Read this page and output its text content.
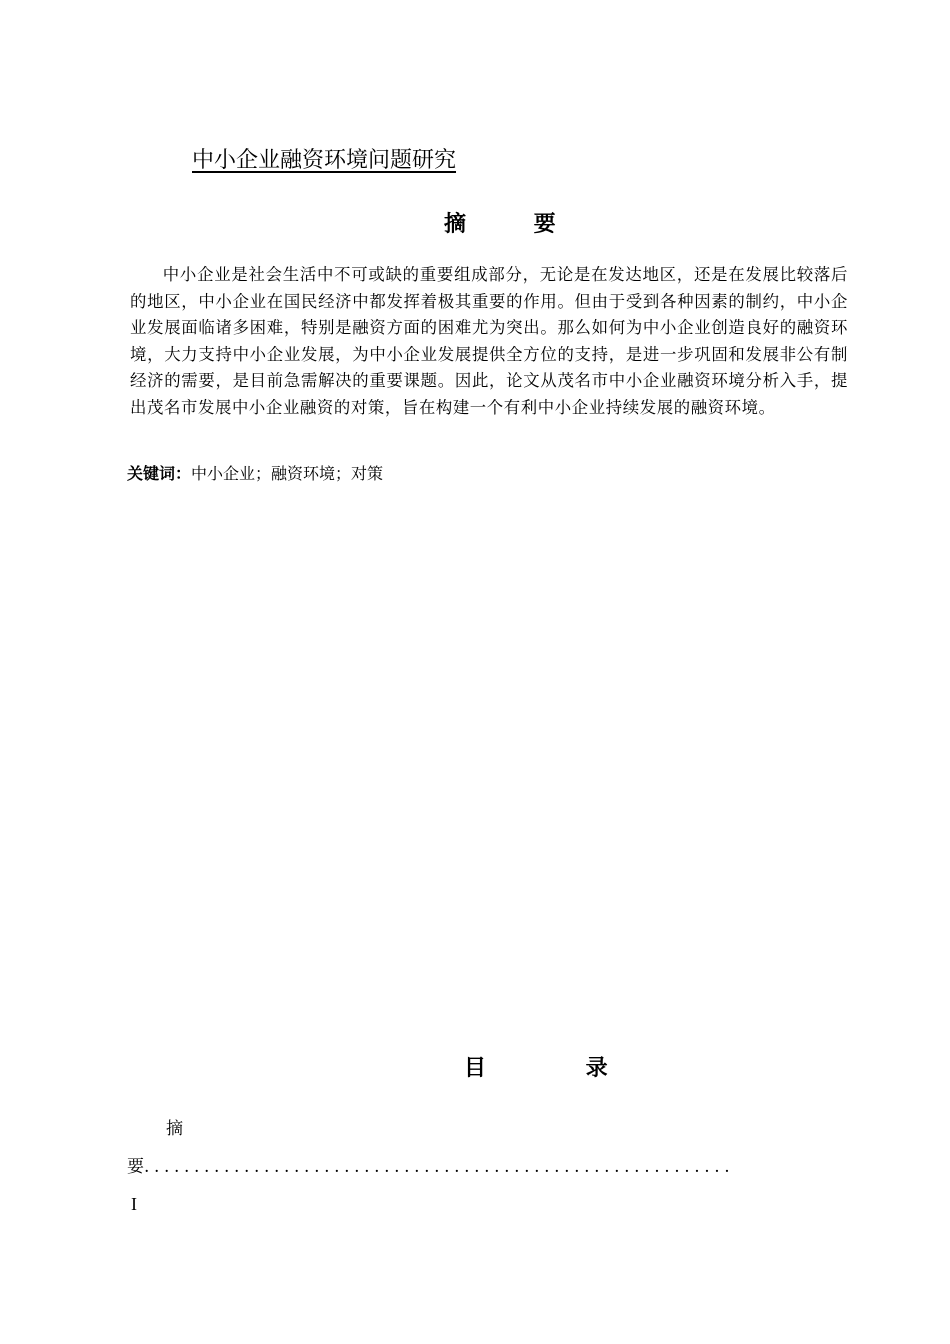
中小企业融资环境问题研究
摘 要
中小企业是社会生活中不可或缺的重要组成部分，无论是在发达地区，还是在发展比较落后的地区，中小企业在国民经济中都发挥着极其重要的作用。但由于受到各种因素的制约，中小企业发展面临诸多困难，特别是融资方面的困难尤为突出。那么如何为中小企业创造良好的融资环境，大力支持中小企业发展，为中小企业发展提供全方位的支持，是进一步巩固和发展非公有制经济的需要，是目前急需解决的重要课题。因此，论文从茂名市中小企业融资环境分析入手，提出茂名市发展中小企业融资的对策，旨在构建一个有利中小企业持续发展的融资环境。
关键词：中小企业；融资环境；对策
目 录
摘
要...........................................................
I
